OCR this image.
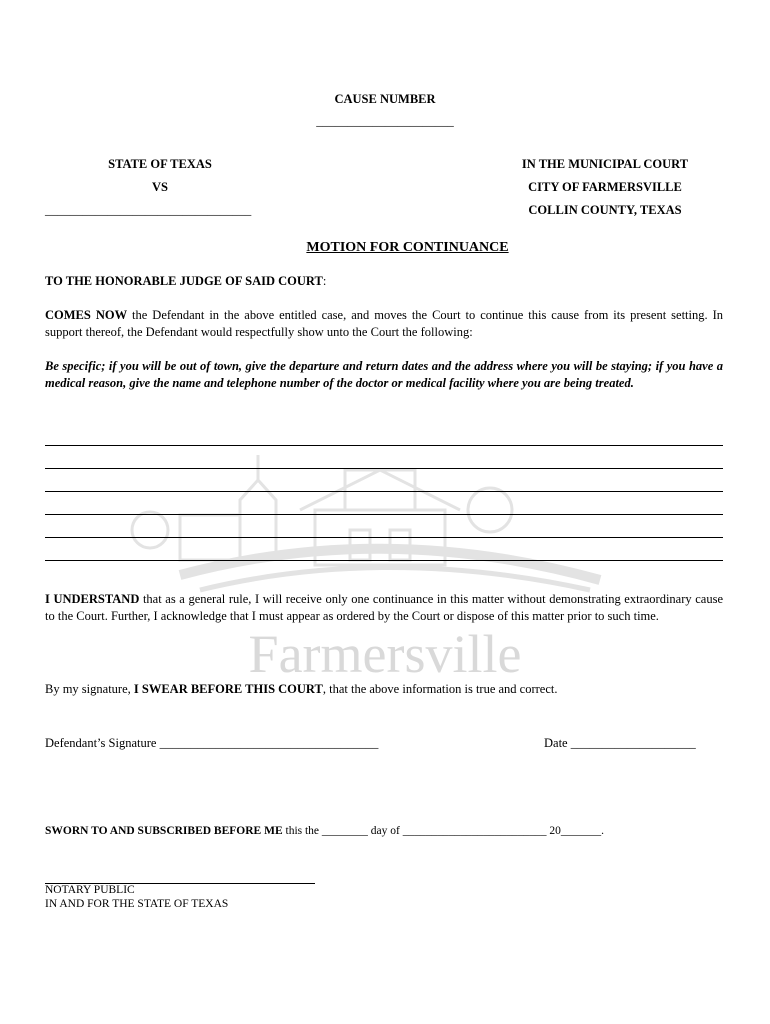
Farmersville
CAUSE NUMBER
______________________
STATE OF TEXAS
VS
_________________________________
IN THE MUNICIPAL COURT
CITY OF FARMERSVILLE
COLLIN COUNTY, TEXAS
MOTION FOR CONTINUANCE
TO THE HONORABLE JUDGE OF SAID COURT:
COMES NOW the Defendant in the above entitled case, and moves the Court to continue this cause from its present setting. In support thereof, the Defendant would respectfully show unto the Court the following:
Be specific; if you will be out of town, give the departure and return dates and the address where you will be staying; if you have a medical reason, give the name and telephone number of the doctor or medical facility where you are being treated.
I UNDERSTAND that as a general rule, I will receive only one continuance in this matter without demonstrating extraordinary cause to the Court. Further, I acknowledge that I must appear as ordered by the Court or dispose of this matter prior to such time.
By my signature, I SWEAR BEFORE THIS COURT, that the above information is true and correct.
Defendant’s Signature ___________________________________	Date ____________________
SWORN TO AND SUBSCRIBED BEFORE ME this the ________ day of _________________________ 20_______.
NOTARY PUBLIC
IN AND FOR THE STATE OF TEXAS
